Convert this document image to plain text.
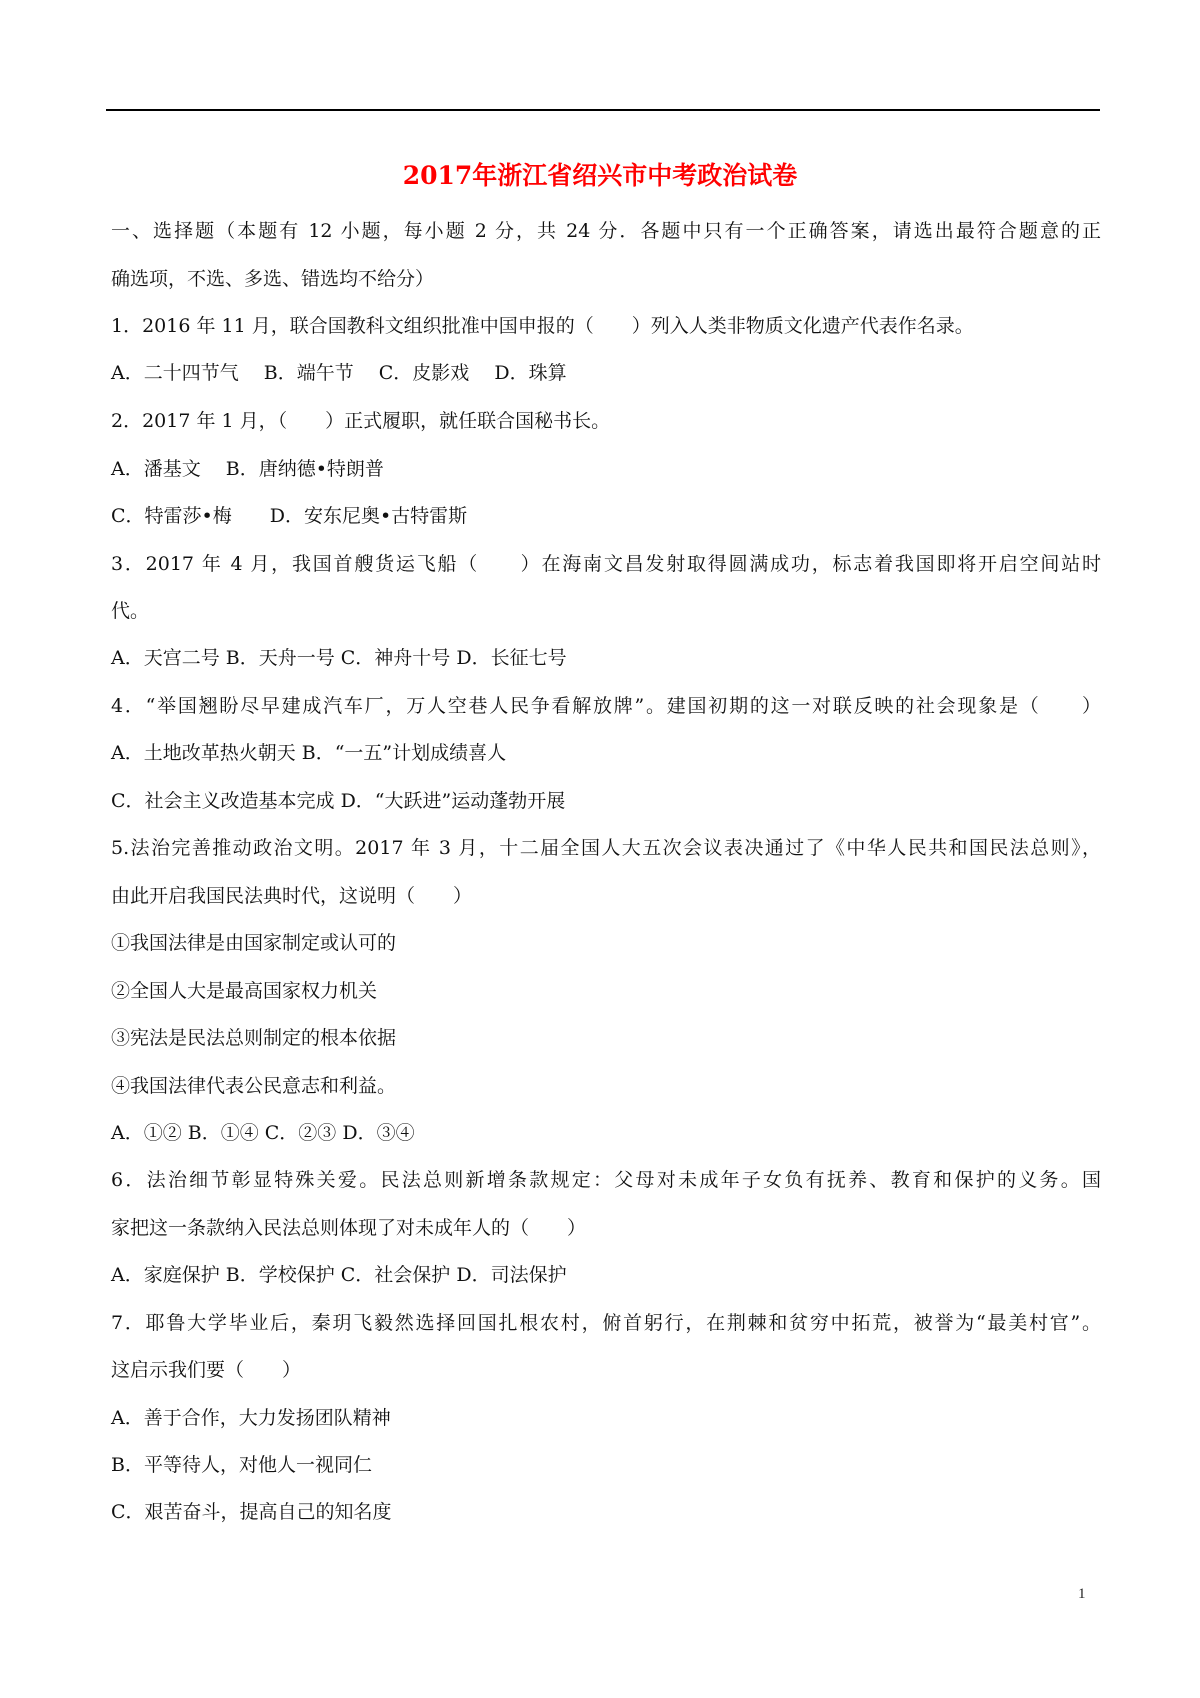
2017年浙江省绍兴市中考政治试卷
一、选择题（本题有 12 小题，每小题 2 分，共 24 分．各题中只有一个正确答案，请选出最符合题意的正
确选项，不选、多选、错选均不给分）
1．2016 年 11 月，联合国教科文组织批准中国申报的（　　）列入人类非物质文化遗产代表作名录。
A．二十四节气　 B．端午节　 C．皮影戏　 D．珠算
2．2017 年 1 月，（　　）正式履职，就任联合国秘书长。
A．潘基文　 B．唐纳德•特朗普
C．特雷莎•梅　　D．安东尼奥•古特雷斯
3．2017 年 4 月，我国首艘货运飞船（　　）在海南文昌发射取得圆满成功，标志着我国即将开启空间站时
代。
A．天宫二号 B．天舟一号 C．神舟十号 D．长征七号
4．“举国翘盼尽早建成汽车厂，万人空巷人民争看解放牌”。建国初期的这一对联反映的社会现象是（　　）
A．土地改革热火朝天 B．“一五”计划成绩喜人
C．社会主义改造基本完成 D．“大跃进”运动蓬勃开展
5.法治完善推动政治文明。2017 年 3 月，十二届全国人大五次会议表决通过了《中华人民共和国民法总则》，
由此开启我国民法典时代，这说明（　　）
①我国法律是由国家制定或认可的
②全国人大是最高国家权力机关
③宪法是民法总则制定的根本依据
④我国法律代表公民意志和利益。
A．①② B．①④ C．②③ D．③④
6．法治细节彰显特殊关爱。民法总则新增条款规定：父母对未成年子女负有抚养、教育和保护的义务。国
家把这一条款纳入民法总则体现了对未成年人的（　　）
A．家庭保护 B．学校保护 C．社会保护 D．司法保护
7．耶鲁大学毕业后，秦玥飞毅然选择回国扎根农村，俯首躬行，在荆棘和贫穷中拓荒，被誉为“最美村官”。
这启示我们要（　　）
A．善于合作，大力发扬团队精神
B．平等待人，对他人一视同仁
C．艰苦奋斗，提高自己的知名度
1
